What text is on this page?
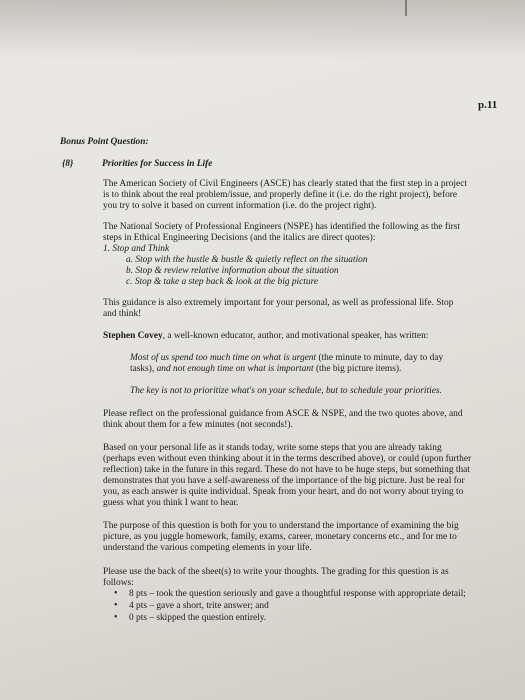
p.11
Bonus Point Question:
{8}	Priorities for Success in Life
The American Society of Civil Engineers (ASCE) has clearly stated that the first step in a project
is to think about the real problem/issue, and properly define it (i.e. do the right project), before
you try to solve it based on current information (i.e. do the project right).
The National Society of Professional Engineers (NSPE) has identified the following as the first
steps in Ethical Engineering Decisions (and the italics are direct quotes):
1. Stop and Think
a. Stop with the hustle & bustle & quietly reflect on the situation
b. Stop & review relative information about the situation
c. Stop & take a step back & look at the big picture
This guidance is also extremely important for your personal, as well as professional life. Stop
and think!
Stephen Covey, a well-known educator, author, and motivational speaker, has written:
Most of us spend too much time on what is urgent (the minute to minute, day to day
tasks), and not enough time on what is important (the big picture items).
The key is not to prioritize what's on your schedule, but to schedule your priorities.
Please reflect on the professional guidance from ASCE & NSPE, and the two quotes above, and
think about them for a few minutes (not seconds!).
Based on your personal life as it stands today, write some steps that you are already taking
(perhaps even without even thinking about it in the terms described above), or could (upon further
reflection) take in the future in this regard. These do not have to be huge steps, but something that
demonstrates that you have a self-awareness of the importance of the big picture. Just be real for
you, as each answer is quite individual. Speak from your heart, and do not worry about trying to
guess what you think I want to hear.
The purpose of this question is both for you to understand the importance of examining the big
picture, as you juggle homework, family, exams, career, monetary concerns etc., and for me to
understand the various competing elements in your life.
Please use the back of the sheet(s) to write your thoughts. The grading for this question is as
follows:
• 8 pts – took the question seriously and gave a thoughtful response with appropriate detail;
• 4 pts – gave a short, trite answer; and
• 0 pts – skipped the question entirely.
